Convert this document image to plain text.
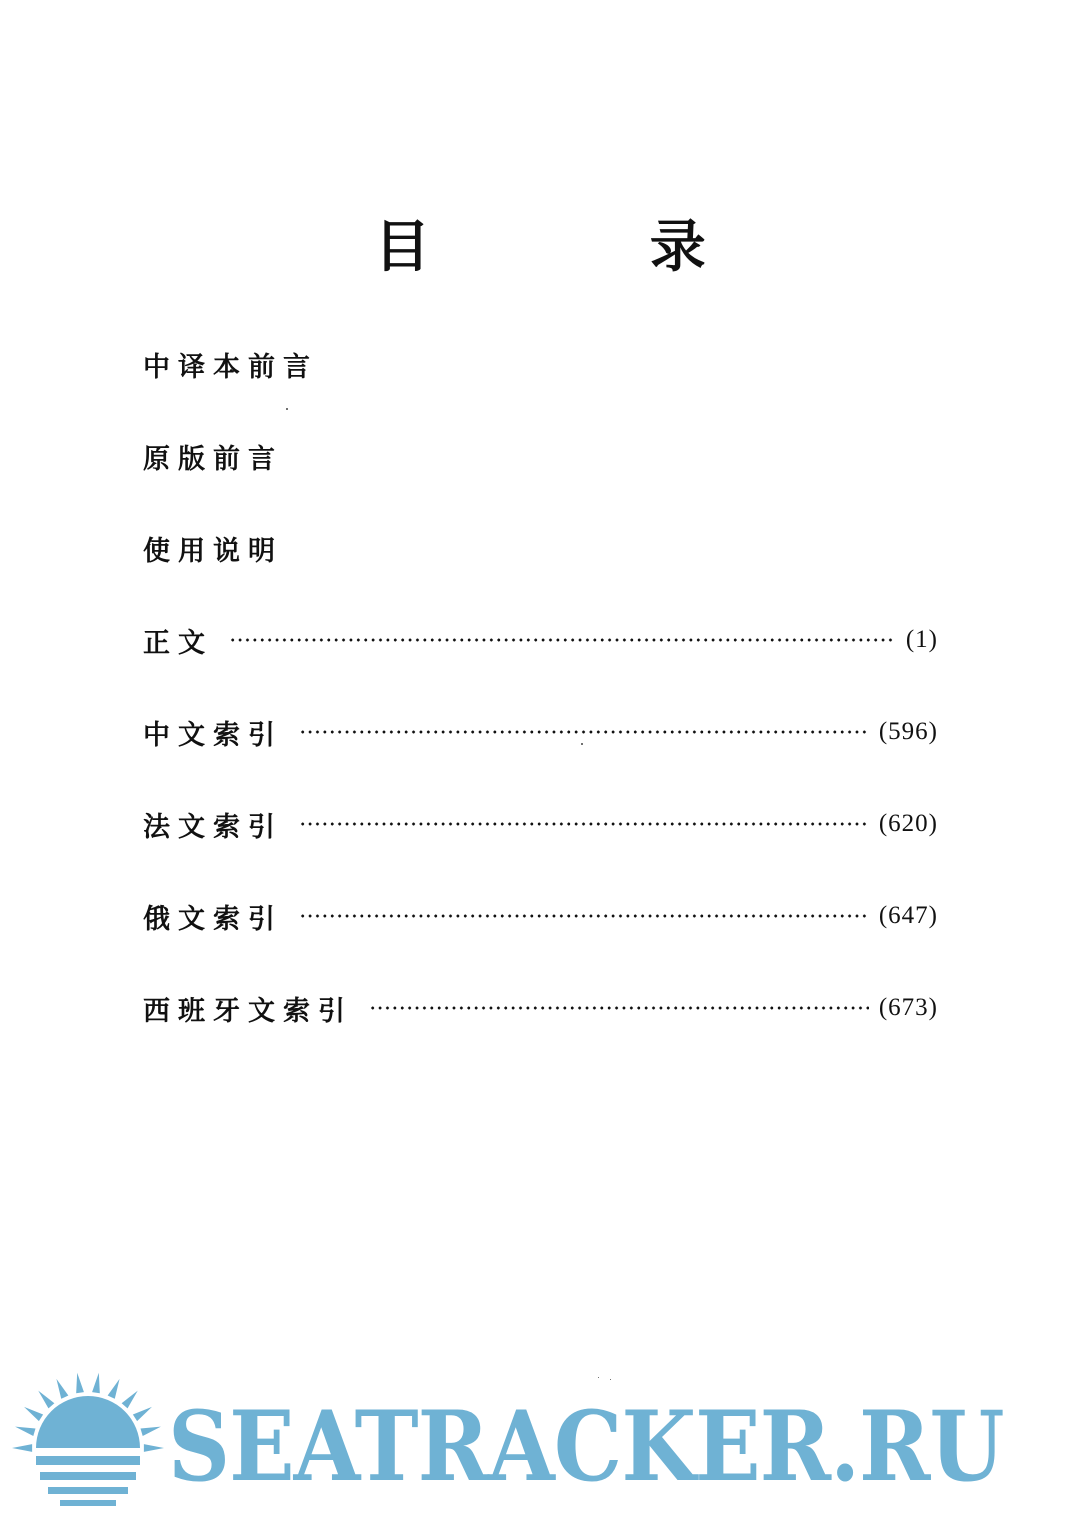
目 录
中译本前言
原版前言
使用说明
正文	(1)
中文索引	(596)
法文索引	(620)
俄文索引	(647)
西班牙文索引	(673)
SEATRACKER.RU
